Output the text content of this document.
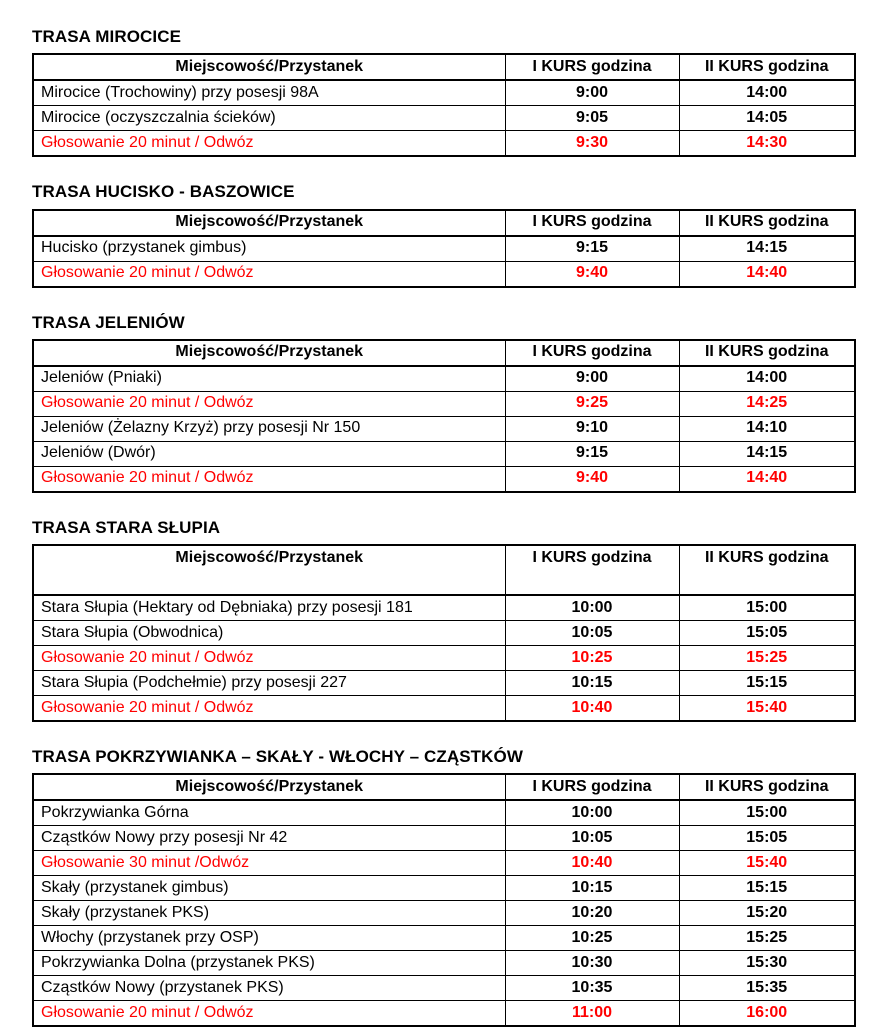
TRASA MIROCICE
Miejscowość/Przystanek	I KURS godzina	II KURS godzina
Mirocice (Trochowiny) przy posesji 98A	9:00	14:00
Mirocice (oczyszczalnia ścieków)	9:05	14:05
Głosowanie 20 minut / Odwóz	9:30	14:30
TRASA HUCISKO - BASZOWICE
Miejscowość/Przystanek	I KURS godzina	II KURS godzina
Hucisko (przystanek gimbus)	9:15	14:15
Głosowanie 20 minut / Odwóz	9:40	14:40
TRASA JELENIÓW
Miejscowość/Przystanek	I KURS godzina	II KURS godzina
Jeleniów (Pniaki)	9:00	14:00
Głosowanie 20 minut / Odwóz	9:25	14:25
Jeleniów (Żelazny Krzyż) przy posesji Nr 150	9:10	14:10
Jeleniów (Dwór)	9:15	14:15
Głosowanie 20 minut / Odwóz	9:40	14:40
TRASA STARA SŁUPIA
Miejscowość/Przystanek	I KURS godzina	II KURS godzina
Stara Słupia (Hektary od Dębniaka) przy posesji 181	10:00	15:00
Stara Słupia (Obwodnica)	10:05	15:05
Głosowanie 20 minut / Odwóz	10:25	15:25
Stara Słupia (Podchełmie) przy posesji 227	10:15	15:15
Głosowanie 20 minut / Odwóz	10:40	15:40
TRASA POKRZYWIANKA – SKAŁY - WŁOCHY – CZĄSTKÓW
Miejscowość/Przystanek	I KURS godzina	II KURS godzina
Pokrzywianka Górna	10:00	15:00
Cząstków Nowy przy posesji Nr 42	10:05	15:05
Głosowanie 30 minut /Odwóz	10:40	15:40
Skały (przystanek gimbus)	10:15	15:15
Skały (przystanek PKS)	10:20	15:20
Włochy (przystanek przy OSP)	10:25	15:25
Pokrzywianka Dolna (przystanek PKS)	10:30	15:30
Cząstków Nowy (przystanek PKS)	10:35	15:35
Głosowanie 20 minut / Odwóz	11:00	16:00
